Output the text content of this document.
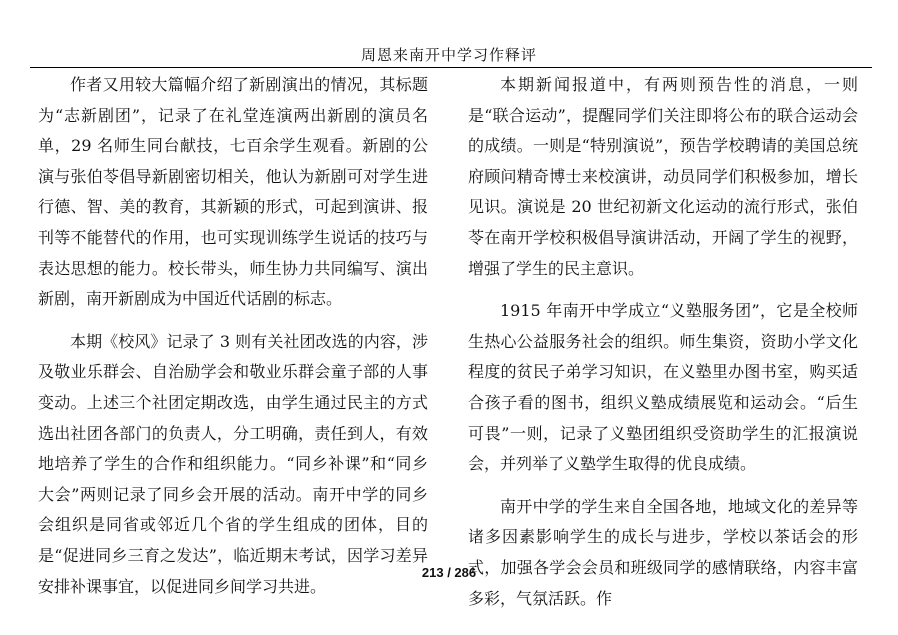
周恩来南开中学习作释评

作者又用较大篇幅介绍了新剧演出的情况，其标题为“志新剧团”，记录了在礼堂连演两出新剧的演员名单，29 名师生同台献技，七百余学生观看。新剧的公演与张伯苓倡导新剧密切相关，他认为新剧可对学生进行德、智、美的教育，其新颖的形式，可起到演讲、报刊等不能替代的作用，也可实现训练学生说话的技巧与表达思想的能力。校长带头，师生协力共同编写、演出新剧，南开新剧成为中国近代话剧的标志。

本期《校风》记录了 3 则有关社团改选的内容，涉及敬业乐群会、自治励学会和敬业乐群会童子部的人事变动。上述三个社团定期改选，由学生通过民主的方式选出社团各部门的负责人，分工明确，责任到人，有效地培养了学生的合作和组织能力。“同乡补课”和“同乡大会”两则记录了同乡会开展的活动。南开中学的同乡会组织是同省或邻近几个省的学生组成的团体，目的是“促进同乡三育之发达”，临近期末考试，因学习差异安排补课事宜，以促进同乡间学习共进。

本期新闻报道中，有两则预告性的消息，一则是“联合运动”，提醒同学们关注即将公布的联合运动会的成绩。一则是“特别演说”，预告学校聘请的美国总统府顾问精奇博士来校演讲，动员同学们积极参加，增长见识。演说是 20 世纪初新文化运动的流行形式，张伯苓在南开学校积极倡导演讲活动，开阔了学生的视野，增强了学生的民主意识。

1915 年南开中学成立“义塾服务团”，它是全校师生热心公益服务社会的组织。师生集资，资助小学文化程度的贫民子弟学习知识，在义塾里办图书室，购买适合孩子看的图书，组织义塾成绩展览和运动会。“后生可畏”一则，记录了义塾团组织受资助学生的汇报演说会，并列举了义塾学生取得的优良成绩。

南开中学的学生来自全国各地，地域文化的差异等诸多因素影响学生的成长与进步，学校以茶话会的形式，加强各学会会员和班级同学的感情联络，内容丰富多彩，气氛活跃。作

213 / 286
